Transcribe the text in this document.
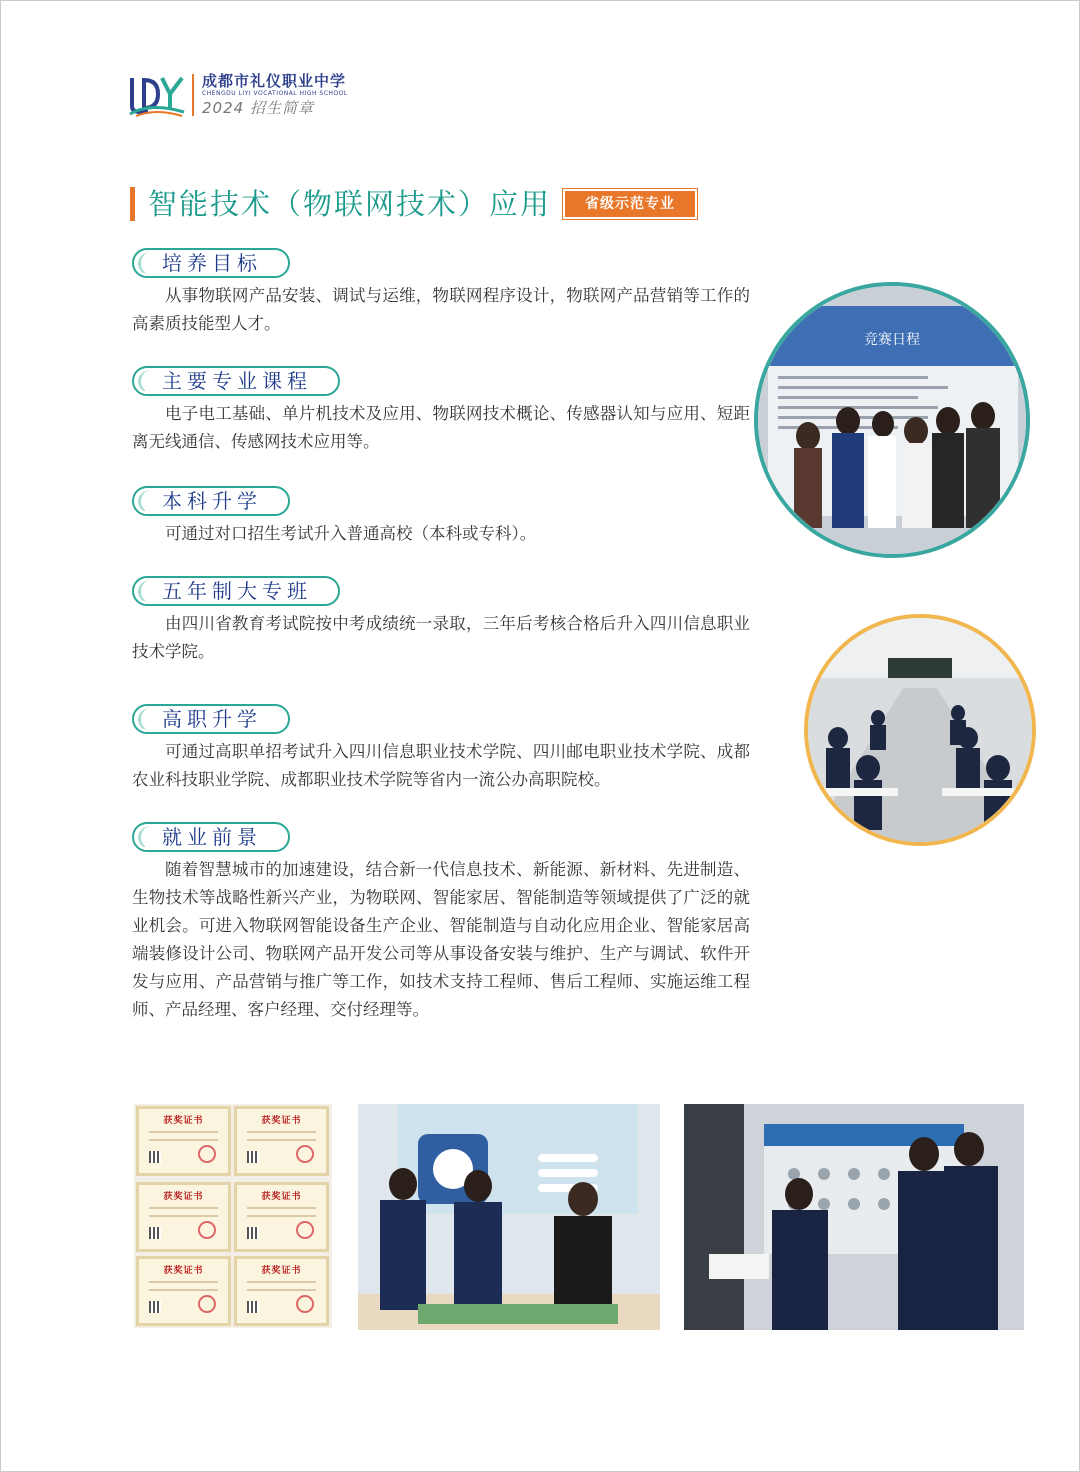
成都市礼仪职业中学
CHENGDU LIYI VOCATIONAL HIGH SCHOOL
2024 招生简章
智能技术（物联网技术）应用	省级示范专业
培养目标

从事物联网产品安装、调试与运维，物联网程序设计，物联网产品营销等工作的高素质技能型人才。

主要专业课程

电子电工基础、单片机技术及应用、物联网技术概论、传感器认知与应用、短距离无线通信、传感网技术应用等。

本科升学

可通过对口招生考试升入普通高校（本科或专科）。

五年制大专班

由四川省教育考试院按中考成绩统一录取，三年后考核合格后升入四川信息职业技术学院。

高职升学

可通过高职单招考试升入四川信息职业技术学院、四川邮电职业技术学院、成都农业科技职业学院、成都职业技术学院等省内一流公办高职院校。

就业前景

随着智慧城市的加速建设，结合新一代信息技术、新能源、新材料、先进制造、生物技术等战略性新兴产业，为物联网、智能家居、智能制造等领域提供了广泛的就业机会。可进入物联网智能设备生产企业、智能制造与自动化应用企业、智能家居高端装修设计公司、物联网产品开发公司等从事设备安装与维护、生产与调试、软件开发与应用、产品营销与推广等工作，如技术支持工程师、售后工程师、实施运维工程师、产品经理、客户经理、交付经理等。

竞赛日程
获奖证书	获奖证书
获奖证书	获奖证书
获奖证书	获奖证书
